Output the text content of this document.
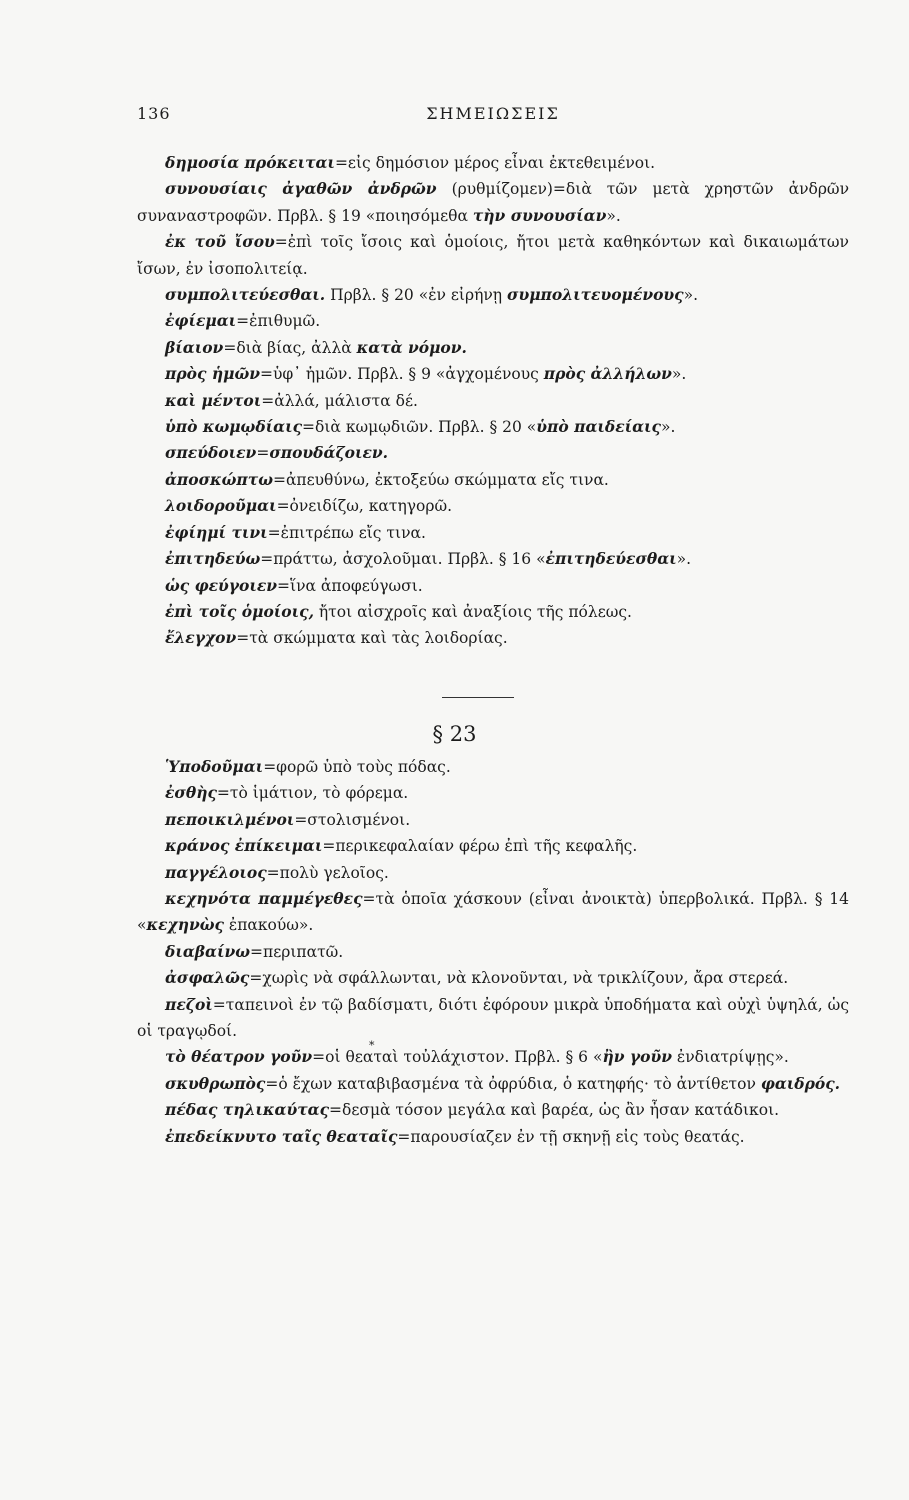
136	ΣΗΜΕΙΩΣΕΙΣ
δημοσία πρόκειται=εἰς δημόσιον μέρος εἶναι ἐκτεθειμένοι.
συνουσίαις ἀγαθῶν ἀνδρῶν (ρυθμίζομεν)=διὰ τῶν μετὰ χρηστῶν ἀνδρῶν συναναστροφῶν. Πρβλ. § 19 «ποιησόμεθα τὴν συνουσίαν».
ἐκ τοῦ ἴσου=ἐπὶ τοῖς ἴσοις καὶ ὁμοίοις, ἤτοι μετὰ καθηκόντων καὶ δικαιωμάτων ἴσων, ἐν ἰσοπολιτείᾳ.
συμπολιτεύεσθαι. Πρβλ. § 20 «ἐν εἰρήνῃ συμπολιτευομένους».
ἐφίεμαι=ἐπιθυμῶ.
βίαιον=διὰ βίας, ἀλλὰ κατὰ νόμον.
πρὸς ἡμῶν=ὑφ᾽ ἡμῶν. Πρβλ. § 9 «ἀγχομένους πρὸς ἀλλήλων».
καὶ μέντοι=ἀλλά, μάλιστα δέ.
ὑπὸ κωμῳδίαις=διὰ κωμῳδιῶν. Πρβλ. § 20 «ὑπὸ παιδείαις».
σπεύδοιεν=σπουδάζοιεν.
ἀποσκώπτω=ἀπευθύνω, ἐκτοξεύω σκώμματα εἴς τινα.
λοιδοροῦμαι=ὀνειδίζω, κατηγορῶ.
ἐφίημί τινι=ἐπιτρέπω εἴς τινα.
ἐπιτηδεύω=πράττω, ἀσχολοῦμαι. Πρβλ. § 16 «ἐπιτηδεύεσθαι».
ὡς φεύγοιεν=ἵνα ἀποφεύγωσι.
ἐπὶ τοῖς ὁμοίοις, ἤτοι αἰσχροῖς καὶ ἀναξίοις τῆς πόλεως.
ἔλεγχον=τὰ σκώμματα καὶ τὰς λοιδορίας.
§ 23
Ὑποδοῦμαι=φορῶ ὑπὸ τοὺς πόδας.
ἐσθὴς=τὸ ἱμάτιον, τὸ φόρεμα.
πεποικιλμένοι=στολισμένοι.
κράνος ἐπίκειμαι=περικεφαλαίαν φέρω ἐπὶ τῆς κεφαλῆς.
παγγέλοιος=πολὺ γελοῖος.
κεχηνότα παμμέγεθες=τὰ ὁποῖα χάσκουν (εἶναι ἀνοικτὰ) ὑπερβολικά. Πρβλ. § 14 «κεχηνὼς ἐπακούω».
διαβαίνω=περιπατῶ.
ἀσφαλῶς=χωρὶς νὰ σφάλλωνται, νὰ κλονοῦνται, νὰ τρικλίζουν, ἄρα στερεά.
πεζοὶ=ταπεινοὶ ἐν τῷ βαδίσματι, διότι ἐφόρουν μικρὰ ὑποδήματα καὶ οὐχὶ ὑψηλά, ὡς οἱ τραγῳδοί.
τὸ θέατρον γοῦν=οἱ θεαταὶ τοὐλάχιστον. Πρβλ. § 6 «ἢν γοῦν ἐνδιατρίψῃς».
σκυθρωπὸς=ὁ ἔχων καταβιβασμένα τὰ ὀφρύδια, ὁ κατηφής· τὸ ἀντίθετον φαιδρός.
πέδας τηλικαύτας=δεσμὰ τόσον μεγάλα καὶ βαρέα, ὡς ἂν ἦσαν κατάδικοι.
ἐπεδείκνυτο ταῖς θεαταῖς=παρουσίαζεν ἐν τῇ σκηνῇ εἰς τοὺς θεατάς.
*
